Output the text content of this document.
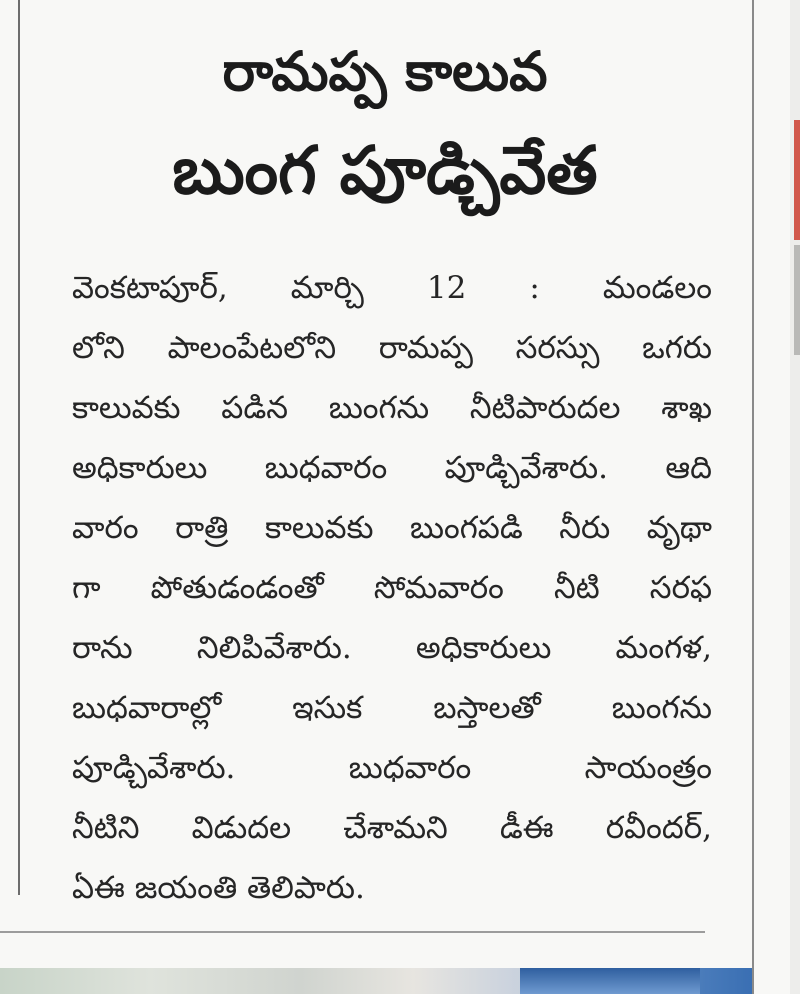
రామప్ప కాలువ
బుంగ పూడ్చివేత
వెంకటాపూర్, మార్చి 12 : మండలం
లోని పాలంపేటలోని రామప్ప సరస్సు ఒగరు
కాలువకు పడిన బుంగను నీటిపారుదల శాఖ
అధికారులు బుధవారం పూడ్చివేశారు. ఆది
వారం రాత్రి కాలువకు బుంగపడి నీరు వృథా
గా పోతుడండంతో సోమవారం నీటి సరఫ
రాను నిలిపివేశారు. అధికారులు మంగళ,
బుధవారాల్లో ఇసుక బస్తాలతో బుంగను
పూడ్చివేశారు. బుధవారం సాయంత్రం
నీటిని విడుదల చేశామని డీఈ రవీందర్,
ఏఈ జయంతి తెలిపారు.
